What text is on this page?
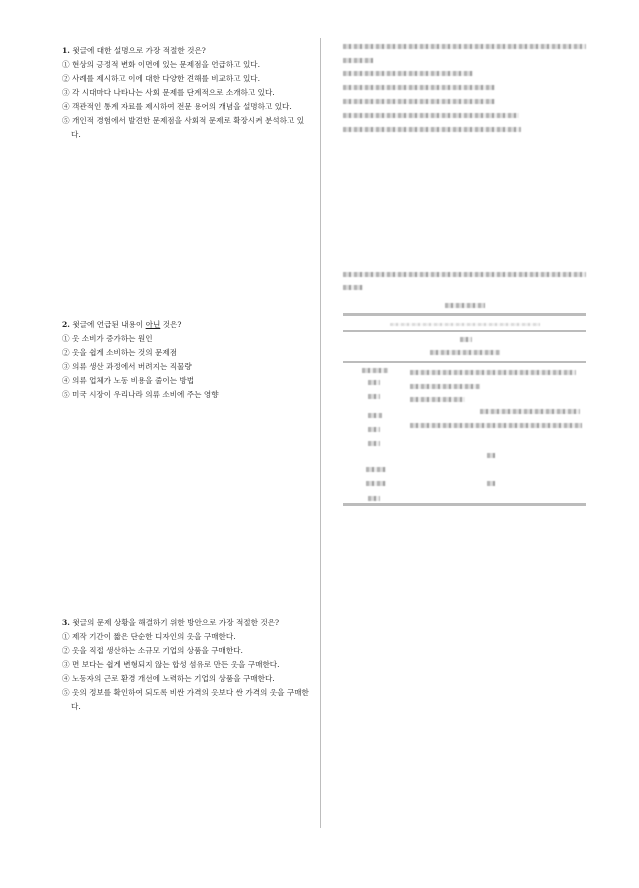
1. 윗글에 대한 설명으로 가장 적절한 것은?
① 현상의 긍정적 변화 이면에 있는 문제점을 언급하고 있다.
② 사례를 제시하고 이에 대한 다양한 견해를 비교하고 있다.
③ 각 시대마다 나타나는 사회 문제를 단계적으로 소개하고 있다.
④ 객관적인 통계 자료를 제시하여 전문 용어의 개념을 설명하고 있다.
⑤ 개인적 경험에서 발견한 문제점을 사회적 문제로 확장시켜 분석하고 있다.
2. 윗글에 언급된 내용이 아닌 것은?
① 옷 소비가 증가하는 원인
② 옷을 쉽게 소비하는 것의 문제점
③ 의류 생산 과정에서 버려지는 직물량
④ 의류 업체가 노동 비용을 줄이는 방법
⑤ 미국 시장이 우리나라 의류 소비에 주는 영향
3. 윗글의 문제 상황을 해결하기 위한 방안으로 가장 적절한 것은?
① 제작 기간이 짧은 단순한 디자인의 옷을 구매한다.
② 옷을 직접 생산하는 소규모 기업의 상품을 구매한다.
③ 면 보다는 쉽게 변형되지 않는 합성 섬유로 만든 옷을 구매한다.
④ 노동자의 근로 환경 개선에 노력하는 기업의 상품을 구매한다.
⑤ 옷의 정보를 확인하여 되도록 비싼 가격의 옷보다 싼 가격의 옷을 구매한다.
